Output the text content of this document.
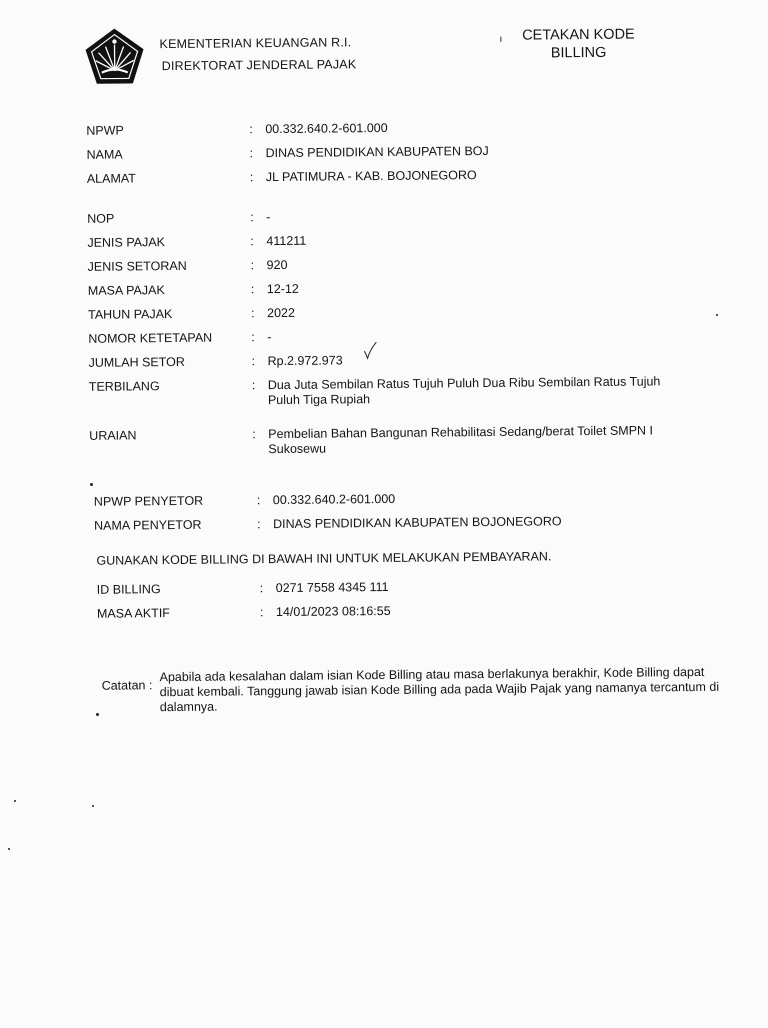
KEMENTERIAN KEUANGAN R.I.
DIREKTORAT JENDERAL PAJAK
ı	CETAKAN KODE
BILLING
NPWP	: 00.332.640.2-601.000
NAMA	: DINAS PENDIDIKAN KABUPATEN BOJ
ALAMAT	: JL PATIMURA - KAB. BOJONEGORO
NOP	: -
JENIS PAJAK	: 411211
JENIS SETORAN	: 920
MASA PAJAK	: 12-12
TAHUN PAJAK	: 2022
NOMOR KETETAPAN	: -
JUMLAH SETOR	: Rp.2.972.973
TERBILANG	: Dua Juta Sembilan Ratus Tujuh Puluh Dua Ribu Sembilan Ratus Tujuh Puluh Tiga Rupiah
URAIAN	: Pembelian Bahan Bangunan Rehabilitasi Sedang/berat Toilet SMPN I Sukosewu
NPWP PENYETOR	: 00.332.640.2-601.000
NAMA PENYETOR	: DINAS PENDIDIKAN KABUPATEN BOJONEGORO
GUNAKAN KODE BILLING DI BAWAH INI UNTUK MELAKUKAN PEMBAYARAN.
ID BILLING	: 0271 7558 4345 111
MASA AKTIF	: 14/01/2023 08:16:55
Catatan :
Apabila ada kesalahan dalam isian Kode Billing atau masa berlakunya berakhir, Kode Billing dapat dibuat kembali. Tanggung jawab isian Kode Billing ada pada Wajib Pajak yang namanya tercantum di dalamnya.
